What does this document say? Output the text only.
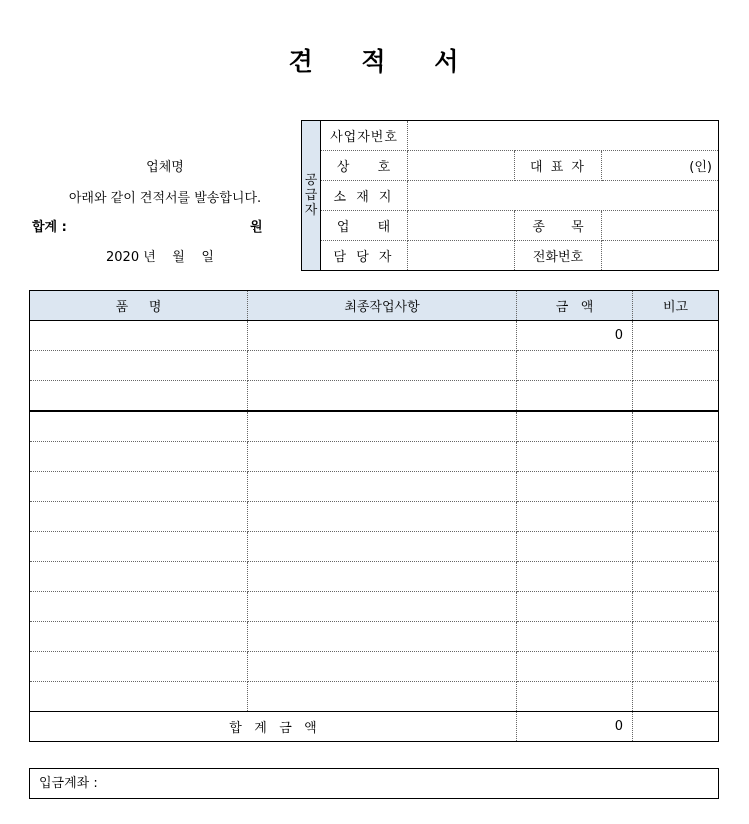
견 적 서
업체명
아래와 같이 견적서를 발송합니다.
합계 :	원
2020 년    월    일
공
급
자	사업자번호			
	상 호		대 표 자	(인)
	소 재 지			
	업 태		종 목	
	담 당 자		전화번호	
품     명	최종작업사항	금   액	비고
		0	

합   계   금   액		0	
입금계좌 :
